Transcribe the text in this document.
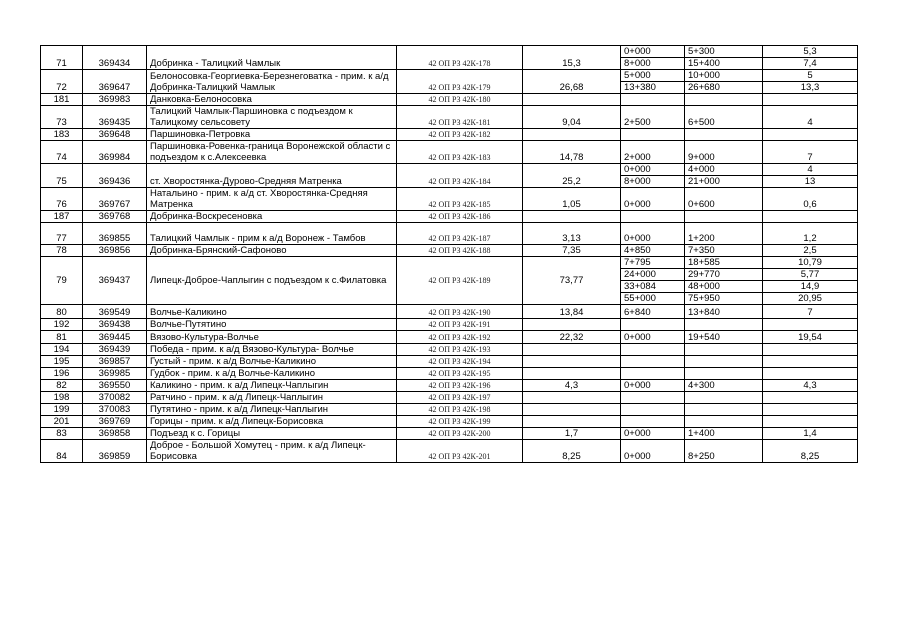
71	369434	Добринка - Талицкий Чамлык	42 ОП РЗ 42К-178	15,3	0+000	5+300	5,3
					8+000	15+400	7,4
72	369647	Белоносовка-Георгиевка-Березнеговатка - прим. к а/д Добринка-Талицкий Чамлык	42 ОП РЗ 42К-179	26,68	5+000	10+000	5
					13+380	26+680	13,3
181	369983	Данковка-Белоносовка	42 ОП РЗ 42К-180				
73	369435	Талицкий Чамлык-Паршиновка с подъездом к Талицкому сельсовету	42 ОП РЗ 42К-181	9,04	2+500	6+500	4
183	369648	Паршиновка-Петровка	42 ОП РЗ 42К-182				
74	369984	Паршиновка-Ровенка-граница Воронежской области с подъездом к с.Алексеевка	42 ОП РЗ 42К-183	14,78	2+000	9+000	7
75	369436	ст. Хворостянка-Дурово-Средняя Матренка	42 ОП РЗ 42К-184	25,2	0+000	4+000	4
					8+000	21+000	13
76	369767	Натальино - прим. к а/д ст. Хворостянка-Средняя Матренка	42 ОП РЗ 42К-185	1,05	0+000	0+600	0,6
187	369768	Добринка-Воскресеновка	42 ОП РЗ 42К-186				
77	369855	Талицкий Чамлык - прим к а/д Воронеж - Тамбов	42 ОП РЗ 42К-187	3,13	0+000	1+200	1,2
78	369856	Добринка-Брянский-Сафоново	42 ОП РЗ 42К-188	7,35	4+850	7+350	2,5
79	369437	Липецк-Доброе-Чаплыгин с подъездом к с.Филатовка	42 ОП РЗ 42К-189	73,77	7+795	18+585	10,79
					24+000	29+770	5,77
					33+084	48+000	14,9
					55+000	75+950	20,95
80	369549	Волчье-Каликино	42 ОП РЗ 42К-190	13,84	6+840	13+840	7
192	369438	Волчье-Путятино	42 ОП РЗ 42К-191				
81	369445	Вязово-Культура-Волчье	42 ОП РЗ 42К-192	22,32	0+000	19+540	19,54
194	369439	Победа - прим. к а/д Вязово-Культура- Волчье	42 ОП РЗ 42К-193				
195	369857	Густый - прим. к а/д Волчье-Каликино	42 ОП РЗ 42К-194				
196	369985	Гудбок - прим. к а/д Волчье-Каликино	42 ОП РЗ 42К-195				
82	369550	Каликино - прим. к а/д Липецк-Чаплыгин	42 ОП РЗ 42К-196	4,3	0+000	4+300	4,3
198	370082	Ратчино - прим. к а/д Липецк-Чаплыгин	42 ОП РЗ 42К-197				
199	370083	Путятино - прим. к а/д Липецк-Чаплыгин	42 ОП РЗ 42К-198				
201	369769	Горицы - прим. к а/д Липецк-Борисовка	42 ОП РЗ 42К-199				
83	369858	Подъезд к с. Горицы	42 ОП РЗ 42К-200	1,7	0+000	1+400	1,4
84	369859	Доброе - Большой Хомутец - прим. к а/д Липецк-Борисовка	42 ОП РЗ 42К-201	8,25	0+000	8+250	8,25
